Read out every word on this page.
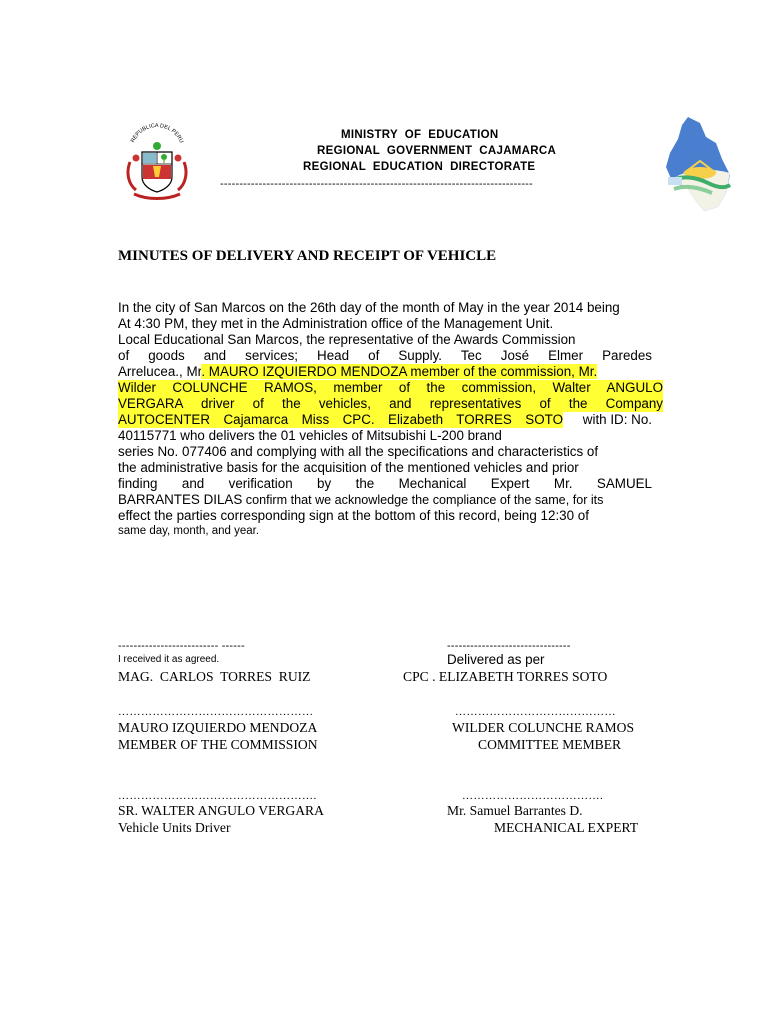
REPUBLICA DEL PERU
MINISTRY  OF  EDUCATION
REGIONAL  GOVERNMENT  CAJAMARCA
REGIONAL  EDUCATION  DIRECTORATE
---------------------------------------------------------------------------------
MINUTES OF DELIVERY AND RECEIPT OF VEHICLE
In the city of San Marcos on the 26th day of the month of May in the year 2014 being
At 4:30 PM, they met in the Administration office of the Management Unit.
Local Educational San Marcos, the representative of the Awards Commission
of goods and services; Head of Supply. Tec José Elmer Paredes
Arrelucea., Mr. MAURO IZQUIERDO MENDOZA member of the commission, Mr.
Wilder COLUNCHE RAMOS, member of the commission, Walter ANGULO
VERGARA driver of the vehicles, and representatives of the Company
AUTOCENTER Cajamarca Miss CPC. Elizabeth TORRES SOTO	with ID: No.
40115771 who delivers the 01 vehicles of Mitsubishi L-200 brand
series No. 077406 and complying with all the specifications and characteristics of
the administrative basis for the acquisition of the mentioned vehicles and prior
finding and verification by the Mechanical Expert Mr. SAMUEL
BARRANTES DILAS confirm that we acknowledge the compliance of the same, for its
effect the parties corresponding sign at the bottom of this record, being 12:30 of
same day, month, and year.
-------------------------- ------	--------------------------------
I received it as agreed.	Delivered as per
MAG.  CARLOS  TORRES  RUIZ	CPC . ELIZABETH TORRES SOTO
……………………………………………	……………………………………
MAURO IZQUIERDO MENDOZA	WILDER COLUNCHE RAMOS
MEMBER OF THE COMMISSION	COMMITTEE MEMBER
…………………………………………….	……………………………….
SR. WALTER ANGULO VERGARA	Mr. Samuel Barrantes D.
Vehicle Units Driver	MECHANICAL EXPERT
